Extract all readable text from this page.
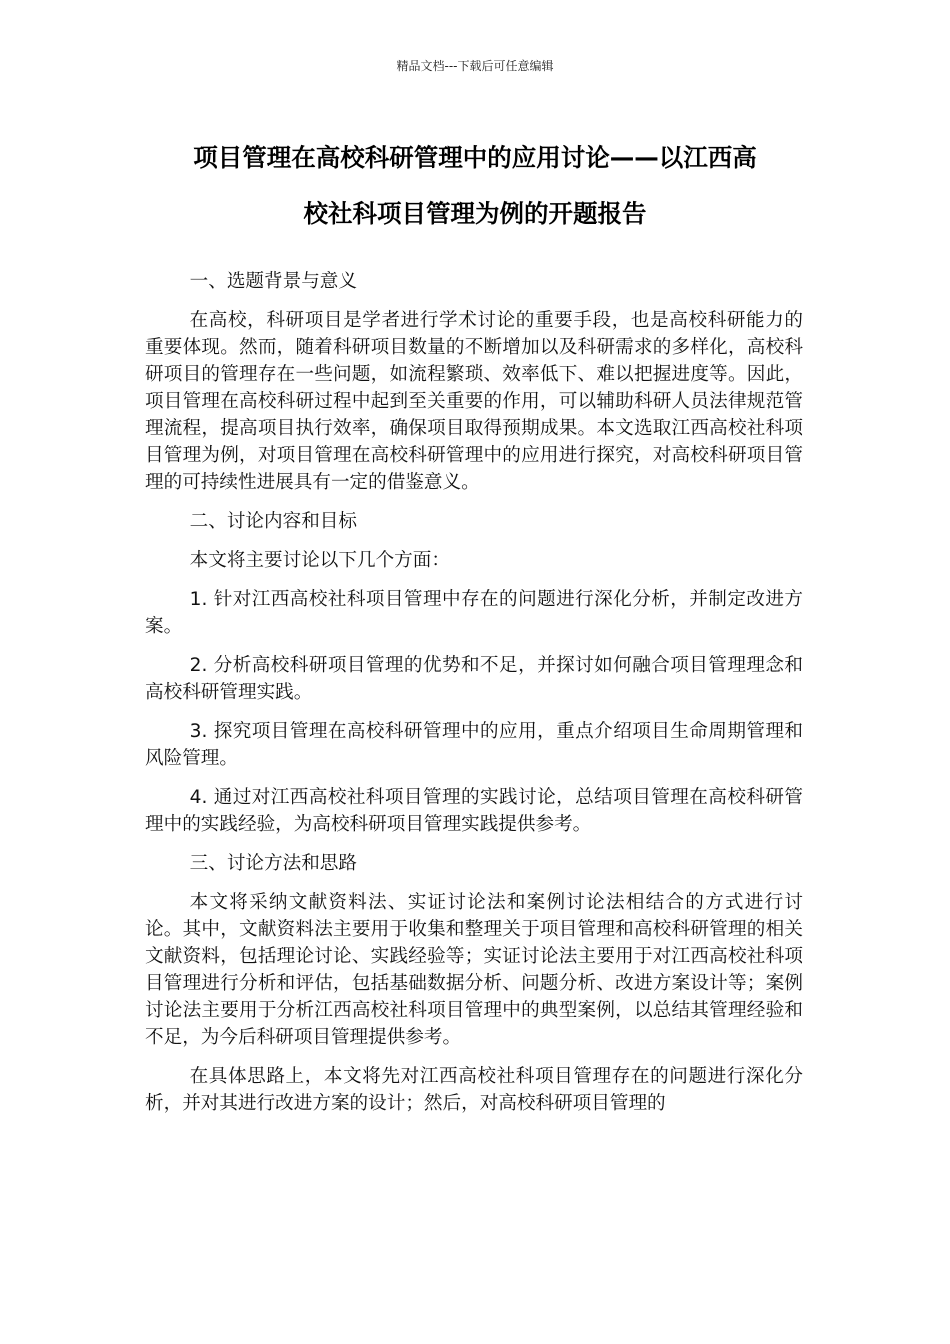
精品文档---下载后可任意编辑
项目管理在高校科研管理中的应用讨论——以江西高
校社科项目管理为例的开题报告

一、选题背景与意义

在高校，科研项目是学者进行学术讨论的重要手段，也是高校科研能力的重要体现。然而，随着科研项目数量的不断增加以及科研需求的多样化，高校科研项目的管理存在一些问题，如流程繁琐、效率低下、难以把握进度等。因此，项目管理在高校科研过程中起到至关重要的作用，可以辅助科研人员法律规范管理流程，提高项目执行效率，确保项目取得预期成果。本文选取江西高校社科项目管理为例，对项目管理在高校科研管理中的应用进行探究，对高校科研项目管理的可持续性进展具有一定的借鉴意义。

二、讨论内容和目标

本文将主要讨论以下几个方面：

1. 针对江西高校社科项目管理中存在的问题进行深化分析，并制定改进方案。

2. 分析高校科研项目管理的优势和不足，并探讨如何融合项目管理理念和高校科研管理实践。

3. 探究项目管理在高校科研管理中的应用，重点介绍项目生命周期管理和风险管理。

4. 通过对江西高校社科项目管理的实践讨论，总结项目管理在高校科研管理中的实践经验，为高校科研项目管理实践提供参考。

三、讨论方法和思路

本文将采纳文献资料法、实证讨论法和案例讨论法相结合的方式进行讨论。其中，文献资料法主要用于收集和整理关于项目管理和高校科研管理的相关文献资料，包括理论讨论、实践经验等；实证讨论法主要用于对江西高校社科项目管理进行分析和评估，包括基础数据分析、问题分析、改进方案设计等；案例讨论法主要用于分析江西高校社科项目管理中的典型案例，以总结其管理经验和不足，为今后科研项目管理提供参考。

在具体思路上，本文将先对江西高校社科项目管理存在的问题进行深化分析，并对其进行改进方案的设计；然后，对高校科研项目管理的
